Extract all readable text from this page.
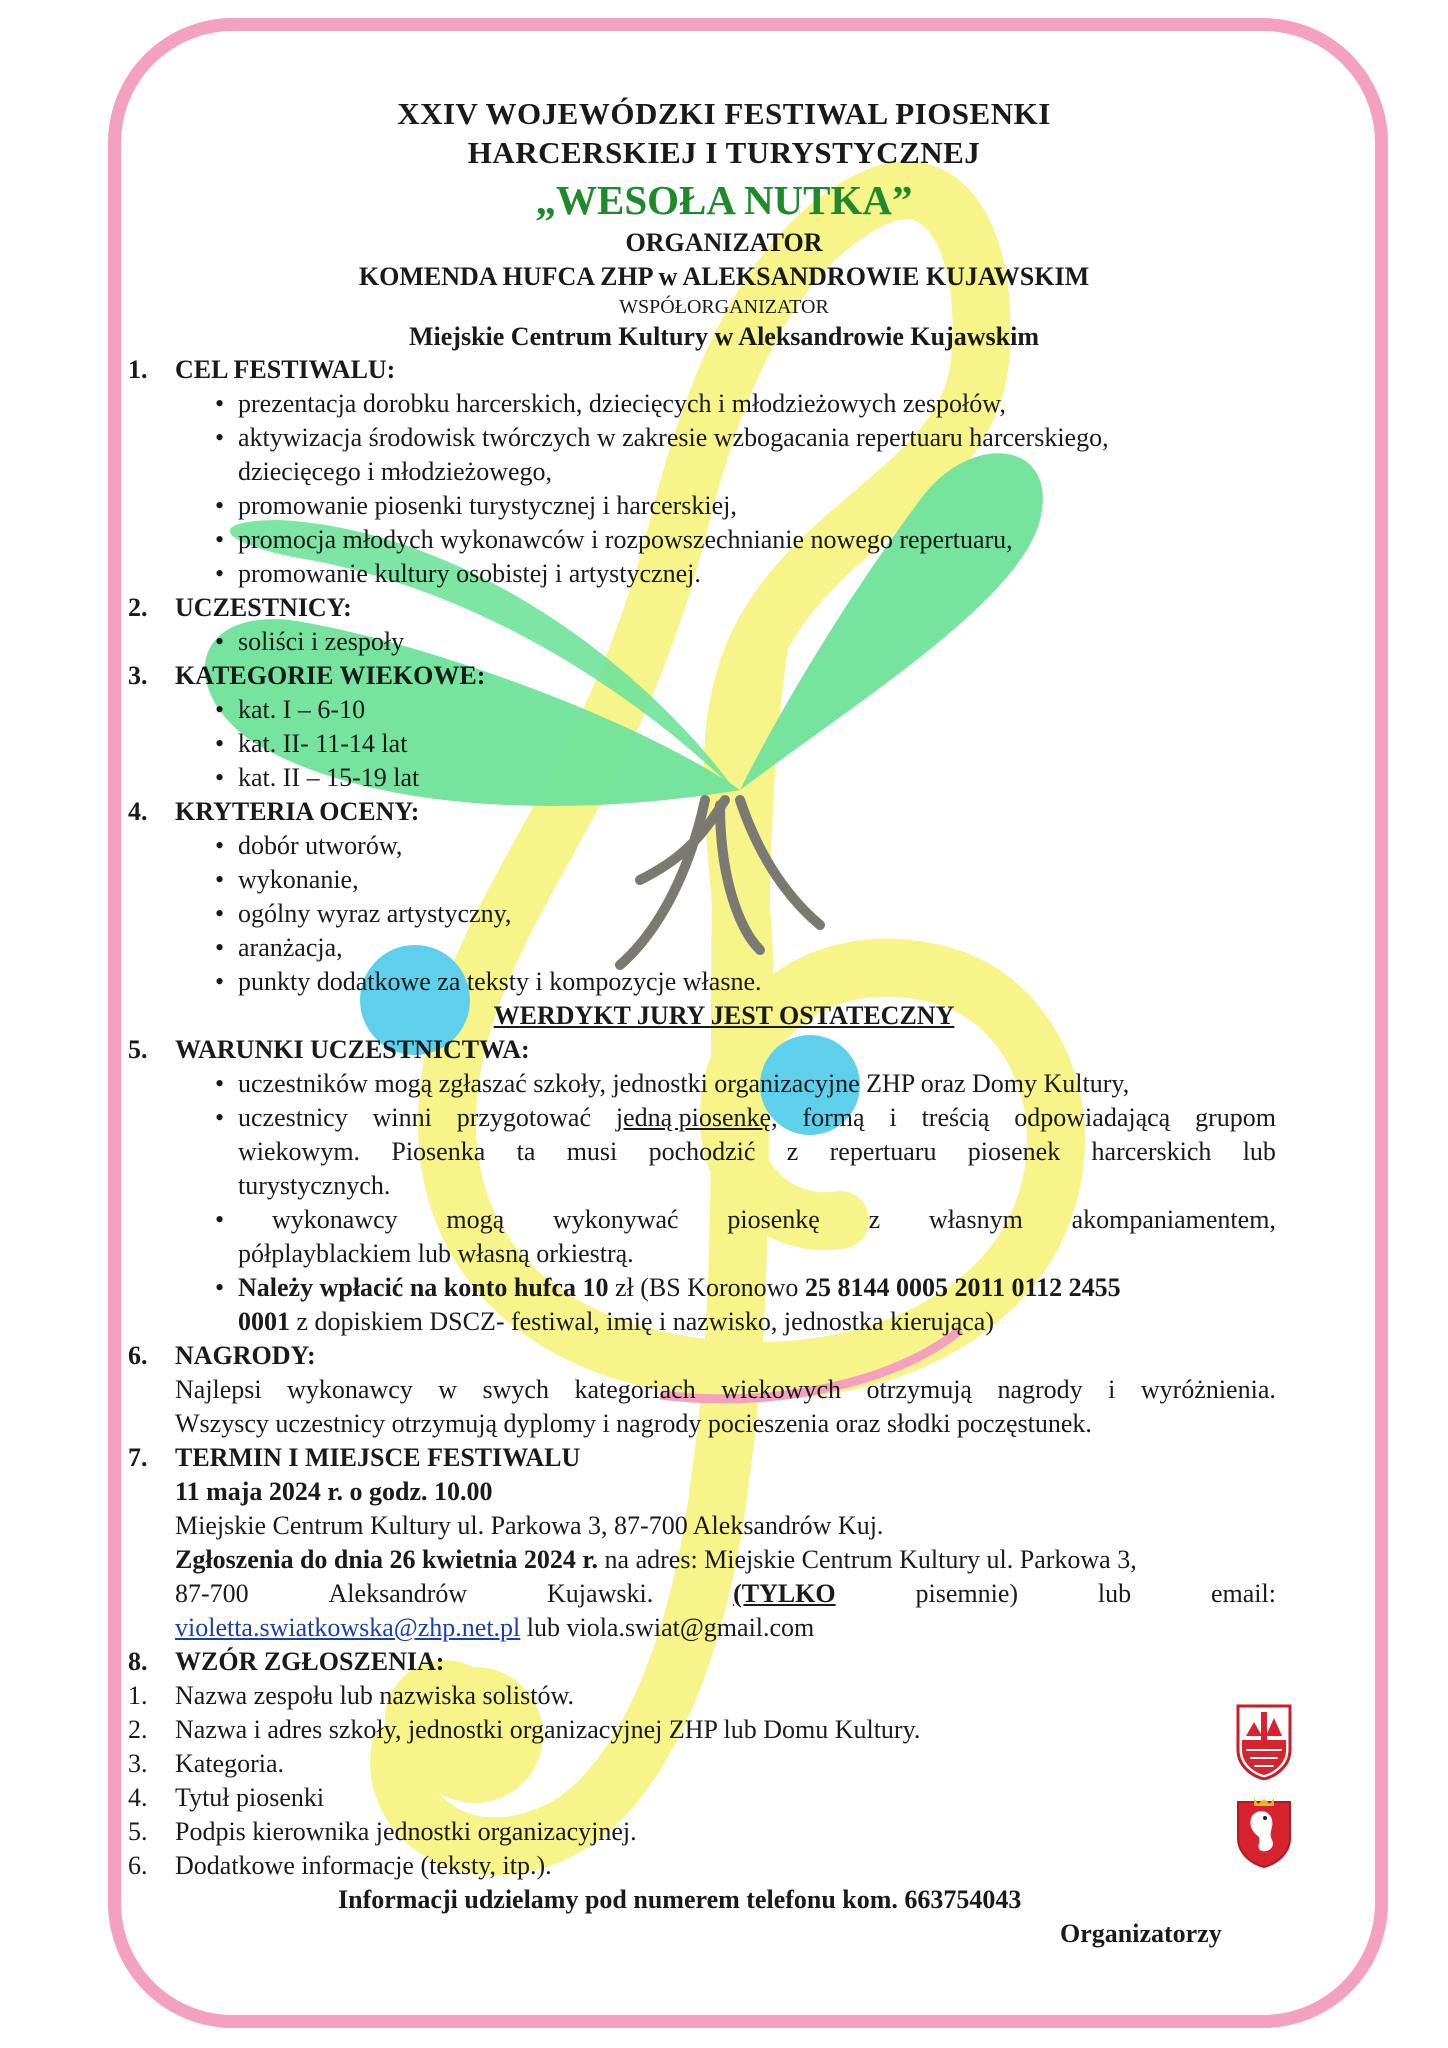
XXIV WOJEWÓDZKI FESTIWAL PIOSENKI
HARCERSKIEJ I TURYSTYCZNEJ
„WESOŁA NUTKA”
ORGANIZATOR
KOMENDA HUFCA ZHP w ALEKSANDROWIE KUJAWSKIM
WSPÓŁORGANIZATOR
Miejskie Centrum Kultury w Aleksandrowie Kujawskim
1. CEL FESTIWALU:
• prezentacja dorobku harcerskich, dziecięcych i młodzieżowych zespołów,
• aktywizacja środowisk twórczych w zakresie wzbogacania repertuaru harcerskiego,
dziecięcego i młodzieżowego,
• promowanie piosenki turystycznej i harcerskiej,
• promocja młodych wykonawców i rozpowszechnianie nowego repertuaru,
• promowanie kultury osobistej i artystycznej.
2. UCZESTNICY:
• soliści i zespoły
3. KATEGORIE WIEKOWE:
• kat. I – 6-10
• kat. II- 11-14 lat
• kat. II – 15-19 lat
4. KRYTERIA OCENY:
• dobór utworów,
• wykonanie,
• ogólny wyraz artystyczny,
• aranżacja,
• punkty dodatkowe za teksty i kompozycje własne.
WERDYKT JURY JEST OSTATECZNY
5. WARUNKI UCZESTNICTWA:
• uczestników mogą zgłaszać szkoły, jednostki organizacyjne ZHP oraz Domy Kultury,
• uczestnicy winni przygotować jedną piosenkę, formą i treścią odpowiadającą grupom
wiekowym. Piosenka ta musi pochodzić z repertuaru piosenek harcerskich lub
turystycznych.
• wykonawcy mogą wykonywać piosenkę z własnym akompaniamentem,
półplayblackiem lub własną orkiestrą.
• Należy wpłacić na konto hufca 10 zł (BS Koronowo 25 8144 0005 2011 0112 2455
0001 z dopiskiem DSCZ- festiwal, imię i nazwisko, jednostka kierująca)
6. NAGRODY:
Najlepsi wykonawcy w swych kategoriach wiekowych otrzymują nagrody i wyróżnienia.
Wszyscy uczestnicy otrzymują dyplomy i nagrody pocieszenia oraz słodki poczęstunek.
7. TERMIN I MIEJSCE FESTIWALU
11 maja 2024 r. o godz. 10.00
Miejskie Centrum Kultury ul. Parkowa 3, 87-700 Aleksandrów Kuj.
Zgłoszenia do dnia 26 kwietnia 2024 r. na adres: Miejskie Centrum Kultury ul. Parkowa 3,
87-700	Aleksandrów	Kujawski.	(TYLKO	pisemnie)	lub	email:
violetta.swiatkowska@zhp.net.pl lub viola.swiat@gmail.com
8. WZÓR ZGŁOSZENIA:
1. Nazwa zespołu lub nazwiska solistów.
2. Nazwa i adres szkoły, jednostki organizacyjnej ZHP lub Domu Kultury.
3. Kategoria.
4. Tytuł piosenki
5. Podpis kierownika jednostki organizacyjnej.
6. Dodatkowe informacje (teksty, itp.).
Informacji udzielamy pod numerem telefonu kom. 663754043
Organizatorzy
